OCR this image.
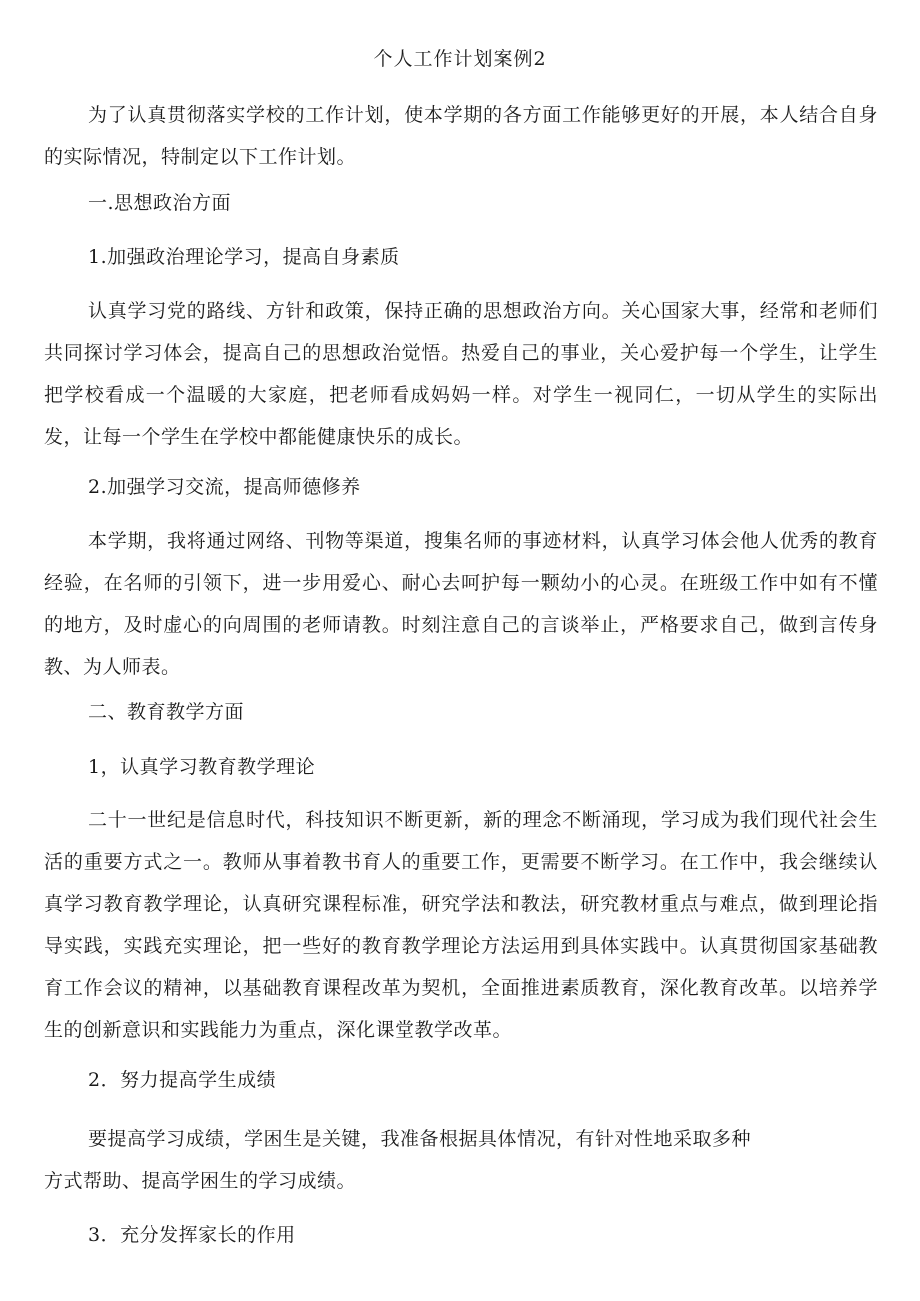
个人工作计划案例2

为了认真贯彻落实学校的工作计划，使本学期的各方面工作能够更好的开展，本人结合自身的实际情况，特制定以下工作计划。

一.思想政治方面

1.加强政治理论学习，提高自身素质

认真学习党的路线、方针和政策，保持正确的思想政治方向。关心国家大事，经常和老师们共同探讨学习体会，提高自己的思想政治觉悟。热爱自己的事业，关心爱护每一个学生，让学生把学校看成一个温暖的大家庭，把老师看成妈妈一样。对学生一视同仁，一切从学生的实际出发，让每一个学生在学校中都能健康快乐的成长。

2.加强学习交流，提高师德修养

本学期，我将通过网络、刊物等渠道，搜集名师的事迹材料，认真学习体会他人优秀的教育经验，在名师的引领下，进一步用爱心、耐心去呵护每一颗幼小的心灵。在班级工作中如有不懂的地方，及时虚心的向周围的老师请教。时刻注意自己的言谈举止，严格要求自己，做到言传身教、为人师表。

二、教育教学方面

1，认真学习教育教学理论

二十一世纪是信息时代，科技知识不断更新，新的理念不断涌现，学习成为我们现代社会生活的重要方式之一。教师从事着教书育人的重要工作，更需要不断学习。在工作中，我会继续认真学习教育教学理论，认真研究课程标准，研究学法和教法，研究教材重点与难点，做到理论指导实践，实践充实理论，把一些好的教育教学理论方法运用到具体实践中。认真贯彻国家基础教育工作会议的精神，以基础教育课程改革为契机，全面推进素质教育，深化教育改革。以培养学生的创新意识和实践能力为重点，深化课堂教学改革。

2．努力提高学生成绩

要提高学习成绩，学困生是关键，我准备根据具体情况，有针对性地采取多种

方式帮助、提高学困生的学习成绩。

3．充分发挥家长的作用
